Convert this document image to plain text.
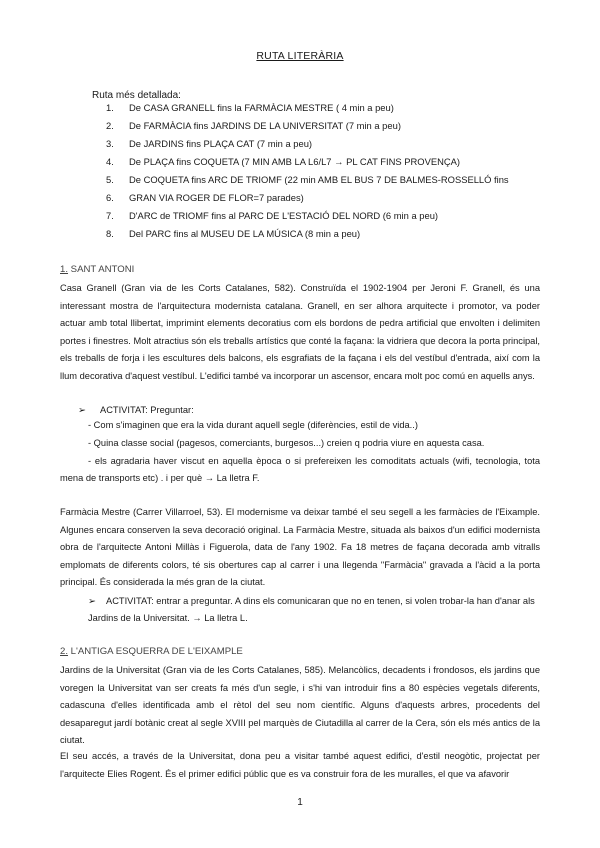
RUTA LITERÀRIA
Ruta més detallada:
1.	De CASA GRANELL fins la FARMÀCIA MESTRE ( 4 min a peu)
2.	De FARMÀCIA fins JARDINS DE LA UNIVERSITAT (7 min a peu)
3.	De JARDINS fins PLAÇA CAT (7 min a peu)
4.	De PLAÇA fins COQUETA (7 MIN AMB LA L6/L7 → PL CAT FINS PROVENÇA)
5.	De COQUETA fins ARC DE TRIOMF (22 min AMB EL BUS 7 DE BALMES-ROSSELLÓ fins
6.	GRAN VIA ROGER DE FLOR=7 parades)
7.	D'ARC de TRIOMF fins al PARC DE L'ESTACIÓ DEL NORD (6 min a peu)
8.	Del PARC fins al MUSEU DE LA MÚSICA (8 min a peu)
1. SANT ANTONI

Casa Granell (Gran via de les Corts Catalanes, 582). Construïda el 1902-1904 per Jeroni F. Granell, és una interessant mostra de l'arquitectura modernista catalana. Granell, en ser alhora arquitecte i promotor, va poder actuar amb total llibertat, imprimint elements decoratius com els bordons de pedra artificial que envolten i delimiten portes i finestres. Molt atractius són els treballs artístics que conté la façana: la vidriera que decora la porta principal, els treballs de forja i les escultures dels balcons, els esgrafiats de la façana i els del vestíbul d'entrada, així com la llum decorativa d'aquest vestíbul. L'edifici també va incorporar un ascensor, encara molt poc comú en aquells anys.

➢ ACTIVITAT: Preguntar:
- Com s'imaginen que era la vida durant aquell segle (diferències, estil de vida..)
- Quina classe social (pagesos, comerciants, burgesos...) creien q podria viure en aquesta casa.
- els agradaria haver viscut en aquella època o si prefereixen les comoditats actuals (wifi, tecnologia, tota mena de transports etc) . i per què → La lletra F.

Farmàcia Mestre (Carrer Villarroel, 53). El modernisme va deixar també el seu segell a les farmàcies de l'Eixample. Algunes encara conserven la seva decoració original. La Farmàcia Mestre, situada als baixos d'un edifici modernista obra de l'arquitecte Antoni Millàs i Figuerola, data de l'any 1902. Fa 18 metres de façana decorada amb vitralls emplomats de diferents colors, té sis obertures cap al carrer i una llegenda "Farmàcia" gravada a l'àcid a la porta principal. És considerada la més gran de la ciutat.

➢ ACTIVITAT: entrar a preguntar. A dins els comunicaran que no en tenen, si volen trobar-la han d'anar als Jardins de la Universitat. → La lletra L.
2. L'ANTIGA ESQUERRA DE L'EIXAMPLE

Jardins de la Universitat (Gran via de les Corts Catalanes, 585). Melancòlics, decadents i frondosos, els jardins que voregen la Universitat van ser creats fa més d'un segle, i s'hi van introduir fins a 80 espècies vegetals diferents, cadascuna d'elles identificada amb el rètol del seu nom científic. Alguns d'aquests arbres, procedents del desaparegut jardí botànic creat al segle XVIII pel marquès de Ciutadilla al carrer de la Cera, són els més antics de la ciutat.

El seu accés, a través de la Universitat, dona peu a visitar també aquest edifici, d'estil neogòtic, projectat per l'arquitecte Elies Rogent. És el primer edifici públic que es va construir fora de les muralles, el que va afavorir

1
